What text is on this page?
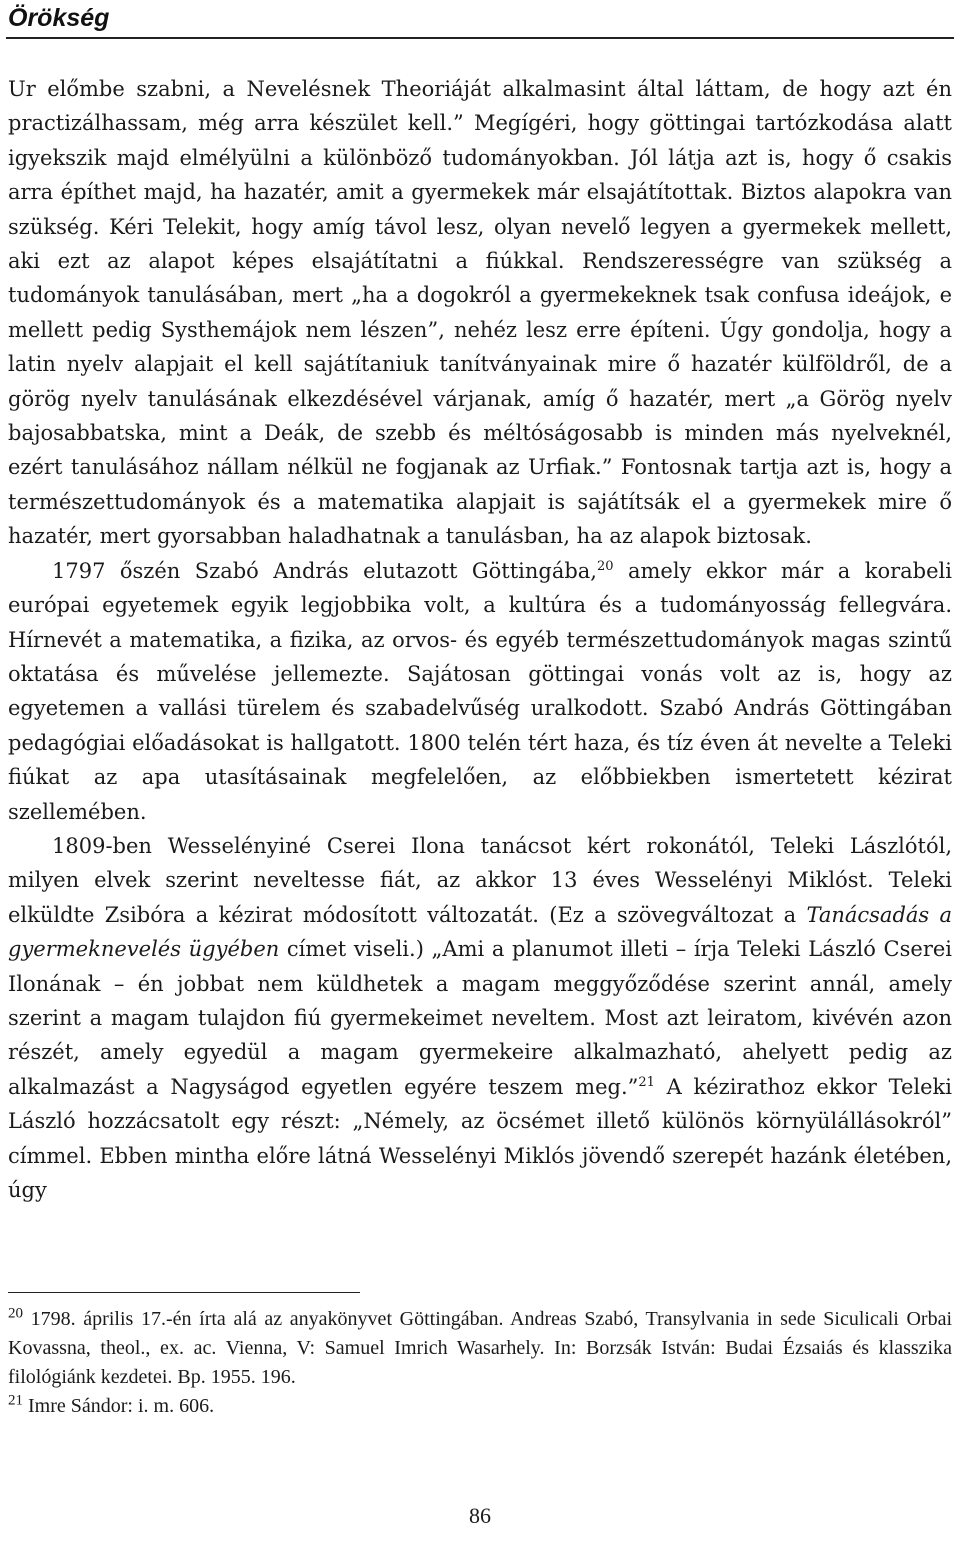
Örökség

Ur előmbe szabni, a Nevelésnek Theoriáját alkalmasint által láttam, de hogy azt én practizálhassam, még arra készület kell.” Megígéri, hogy göttingai tartózkodása alatt igyekszik majd elmélyülni a különböző tudományokban. Jól látja azt is, hogy ő csakis arra építhet majd, ha hazatér, amit a gyermekek már elsajátítottak. Biztos alapokra van szükség. Kéri Telekit, hogy amíg távol lesz, olyan nevelő legyen a gyermekek mellett, aki ezt az alapot képes elsajátítatni a fiúkkal. Rendszerességre van szükség a tudományok tanulásában, mert „ha a dogokról a gyermekeknek tsak confusa ideájok, e mellett pedig Systhemájok nem lészen”, nehéz lesz erre építeni. Úgy gondolja, hogy a latin nyelv alapjait el kell sajátítaniuk tanítványainak mire ő hazatér külföldről, de a görög nyelv tanulásának elkezdésével várjanak, amíg ő hazatér, mert „a Görög nyelv bajosabbatska, mint a Deák, de szebb és méltóságosabb is minden más nyelveknél, ezért tanulásához nállam nélkül ne fogjanak az Urfiak.” Fontosnak tartja azt is, hogy a természettudományok és a matematika alapjait is sajátítsák el a gyermekek mire ő hazatér, mert gyorsabban haladhatnak a tanulásban, ha az alapok biztosak.

1797 őszén Szabó András elutazott Göttingába,$^{20}$ amely ekkor már a korabeli európai egyetemek egyik legjobbika volt, a kultúra és a tudományosság fellegvára. Hírnevét a matematika, a fizika, az orvos- és egyéb természettudományok magas szintű oktatása és művelése jellemezte. Sajátosan göttingai vonás volt az is, hogy az egyetemen a vallási türelem és szabadelvűség uralkodott. Szabó András Göttingában pedagógiai előadásokat is hallgatott. 1800 telén tért haza, és tíz éven át nevelte a Teleki fiúkat az apa utasításainak megfelelően, az előbbiekben ismertetett kézirat szellemében.

1809-ben Wesselényiné Cserei Ilona tanácsot kért rokonától, Teleki Lászlótól, milyen elvek szerint neveltesse fiát, az akkor 13 éves Wesselényi Miklóst. Teleki elküldte Zsibóra a kézirat módosított változatát. (Ez a szövegváltozat a Tanácsadás a gyermeknevelés ügyében címet viseli.) „Ami a planumot illeti – írja Teleki László Cserei Ilonának – én jobbat nem küldhetek a magam meggyőződése szerint annál, amely szerint a magam tulajdon fiú gyermekeimet neveltem. Most azt leiratom, kivévén azon részét, amely egyedül a magam gyermekeire alkalmazható, ahelyett pedig az alkalmazást a Nagyságod egyetlen egyére teszem meg.”$^{21}$ A kézirathoz ekkor Teleki László hozzácsatolt egy részt: „Némely, az öcsémet illető különös környülállásokról” címmel. Ebben mintha előre látná Wesselényi Miklós jövendő szerepét hazánk életében, úgy

$^{20}$ 1798. április 17.-én írta alá az anyakönyvet Göttingában. Andreas Szabó, Transylvania in sede Siculicali Orbai Kovassna, theol., ex. ac. Vienna, V: Samuel Imrich Wasarhely. In: Borzsák István: Budai Ézsaiás és klasszika filológiánk kezdetei. Bp. 1955. 196.

$^{21}$ Imre Sándor: i. m. 606.

86
